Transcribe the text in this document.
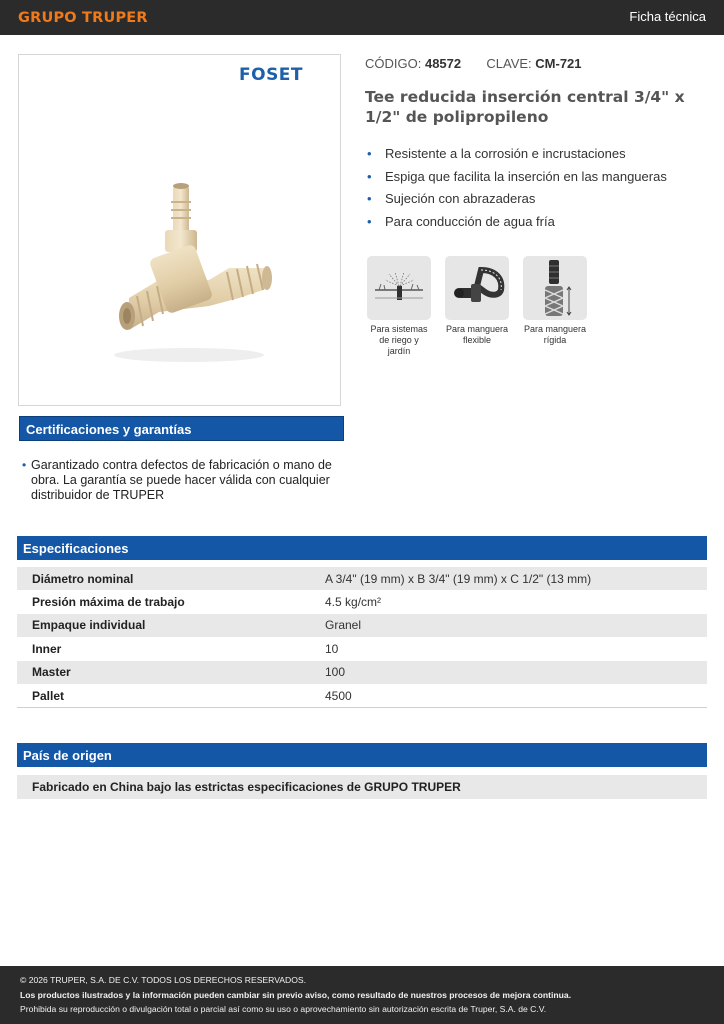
GRUPO TRUPER	Ficha técnica
FOSET
CÓDIGO: 48572 CLAVE: CM-721
Tee reducida inserción central 3/4" x 1/2" de polipropileno
• Resistente a la corrosión e incrustaciones
• Espiga que facilita la inserción en las mangueras
• Sujeción con abrazaderas
• Para conducción de agua fría
Para sistemas
de riego y
jardín
Para manguera
flexible
Para manguera
rígida
Certificaciones y garantías
• Garantizado contra defectos de fabricación o mano de obra. La garantía se puede hacer válida con cualquier distribuidor de TRUPER
Especificaciones
Diámetro nominal	A 3/4" (19 mm) x B 3/4" (19 mm) x C 1/2" (13 mm)
Presión máxima de trabajo	4.5 kg/cm²
Empaque individual	Granel
Inner	10
Master	100
Pallet	4500
País de origen
Fabricado en China bajo las estrictas especificaciones de GRUPO TRUPER
© 2026 TRUPER, S.A. DE C.V. TODOS LOS DERECHOS RESERVADOS.
Los productos ilustrados y la información pueden cambiar sin previo aviso, como resultado de nuestros procesos de mejora continua.
Prohibida su reproducción o divulgación total o parcial así como su uso o aprovechamiento sin autorización escrita de Truper, S.A. de C.V.
